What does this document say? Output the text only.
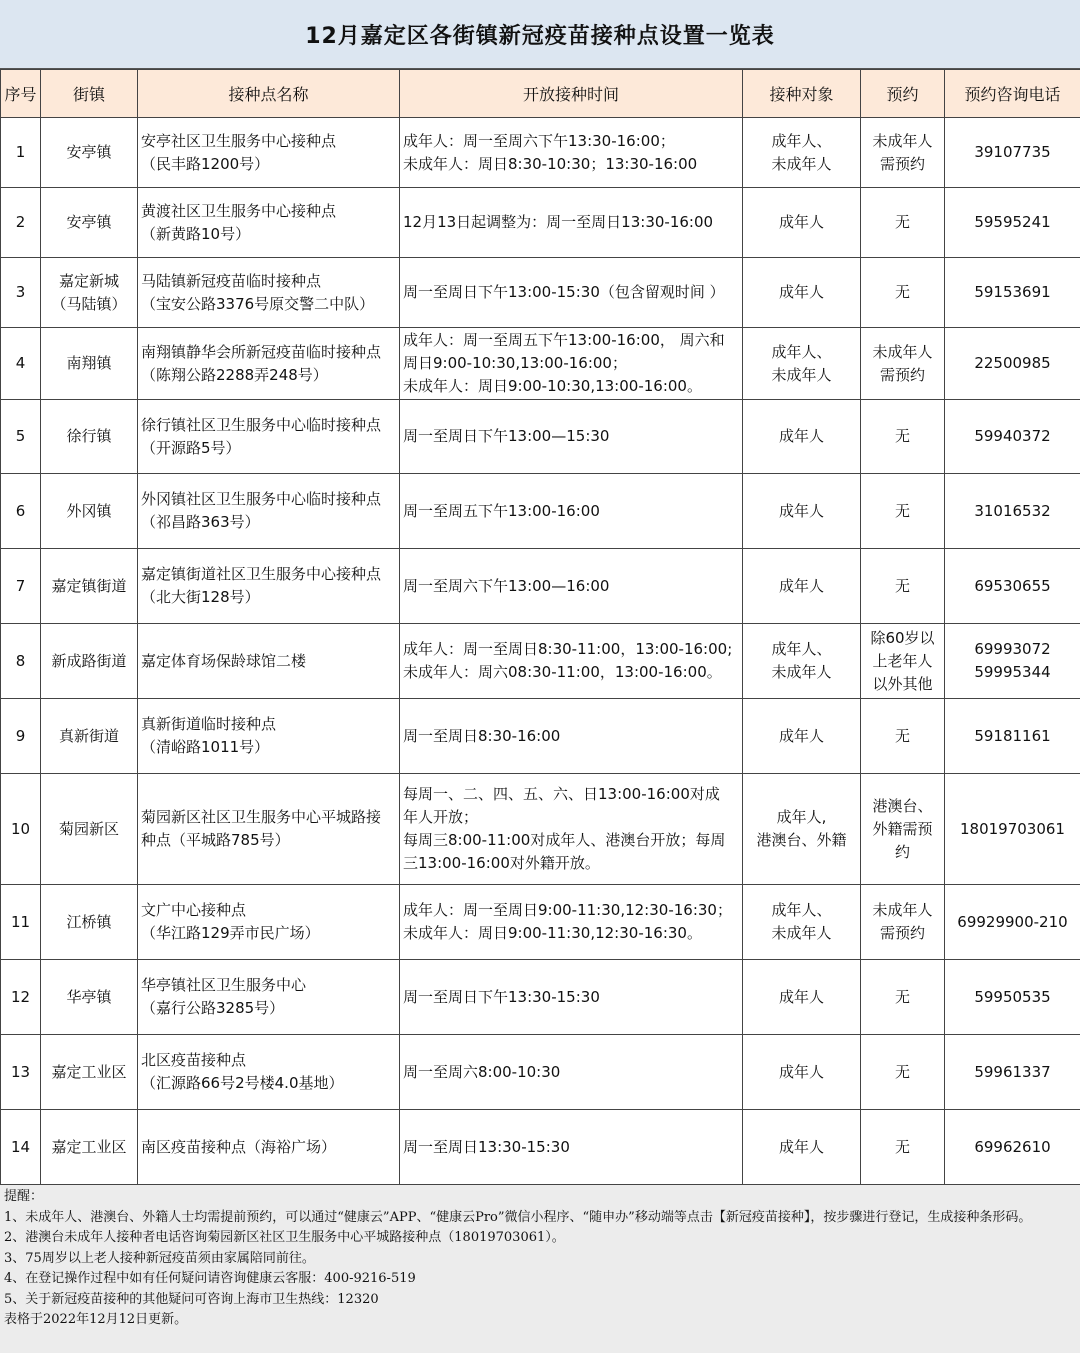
12月嘉定区各街镇新冠疫苗接种点设置一览表
序号	街镇	接种点名称	开放接种时间	接种对象	预约	预约咨询电话
1	安亭镇	安亭社区卫生服务中心接种点
（民丰路1200号）	成年人：周一至周六下午13:30-16:00；
未成年人：周日8:30-10:30；13:30-16:00	成年人、
未成年人	未成年人
需预约	39107735

2	安亭镇	黄渡社区卫生服务中心接种点
（新黄路10号）	12月13日起调整为：周一至周日13:30-16:00	成年人	无	59595241

3	嘉定新城
（马陆镇）	马陆镇新冠疫苗临时接种点
（宝安公路3376号原交警二中队）	周一至周日下午13:00-15:30（包含留观时间 ）	成年人	无	59153691

4	南翔镇	南翔镇静华会所新冠疫苗临时接种点
（陈翔公路2288弄248号）	成年人：周一至周五下午13:00-16:00， 周六和
周日9:00-10:30,13:00-16:00；
未成年人：周日9:00-10:30,13:00-16:00。	成年人、
未成年人	未成年人
需预约	22500985

5	徐行镇	徐行镇社区卫生服务中心临时接种点
（开源路5号）	周一至周日下午13:00—15:30	成年人	无	59940372

6	外冈镇	外冈镇社区卫生服务中心临时接种点
（祁昌路363号）	周一至周五下午13:00-16:00	成年人	无	31016532

7	嘉定镇街道	嘉定镇街道社区卫生服务中心接种点
（北大街128号）	周一至周六下午13:00—16:00	成年人	无	69530655

8	新成路街道	嘉定体育场保龄球馆二楼	成年人：周一至周日8:30-11:00，13:00-16:00;
未成年人：周六08:30-11:00，13:00-16:00。	成年人、
未成年人	除60岁以
上老年人
以外其他	69993072
59995344

9	真新街道	真新街道临时接种点
（清峪路1011号）	周一至周日8:30-16:00	成年人	无	59181161

10	菊园新区	菊园新区社区卫生服务中心平城路接
种点（平城路785号）	每周一、二、四、五、六、日13:00-16:00对成
年人开放；
每周三8:00-11:00对成年人、港澳台开放；每周
三13:00-16:00对外籍开放。	成年人,
港澳台、外籍	港澳台、
外籍需预
约	18019703061

11	江桥镇	文广中心接种点
（华江路129弄市民广场）	成年人：周一至周日9:00-11:30,12:30-16:30；
未成年人：周日9:00-11:30,12:30-16:30。	成年人、
未成年人	未成年人
需预约	69929900-210

12	华亭镇	华亭镇社区卫生服务中心
（嘉行公路3285号）	周一至周日下午13:30-15:30	成年人	无	59950535

13	嘉定工业区	北区疫苗接种点
（汇源路66号2号楼4.0基地）	周一至周六8:00-10:30	成年人	无	59961337

14	嘉定工业区	南区疫苗接种点（海裕广场）	周一至周日13:30-15:30	成年人	无	69962610
提醒：
1、未成年人、港澳台、外籍人士均需提前预约，可以通过“健康云”APP、“健康云Pro”微信小程序、“随申办”移动端等点击【新冠疫苗接种】，按步骤进行登记，生成接种条形码。
2、港澳台未成年人接种者电话咨询菊园新区社区卫生服务中心平城路接种点（18019703061）。
3、75周岁以上老人接种新冠疫苗须由家属陪同前往。
4、在登记操作过程中如有任何疑问请咨询健康云客服：400-9216-519
5、关于新冠疫苗接种的其他疑问可咨询上海市卫生热线：12320
表格于2022年12月12日更新。
